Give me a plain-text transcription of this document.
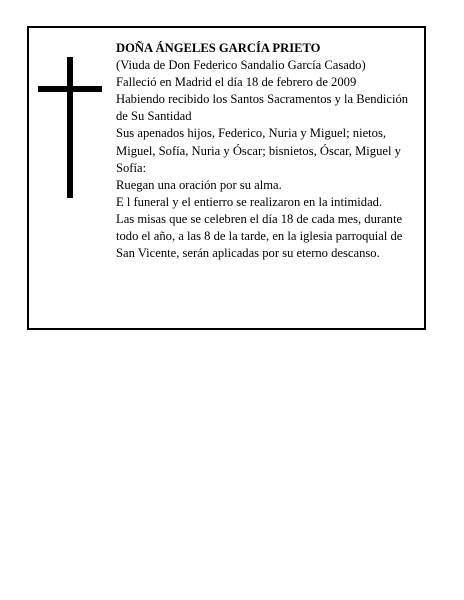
DOÑA ÁNGELES GARCÍA PRIETO

(Viuda de Don Federico Sandalio García Casado)

Falleció en Madrid el día 18 de febrero de 2009

Habiendo recibido los Santos Sacramentos y la Bendición de Su Santidad

Sus apenados hijos, Federico, Nuria y Miguel; nietos, Miguel, Sofía, Nuria y Óscar; bisnietos, Óscar, Miguel y Sofía:

Ruegan una oración por su alma.

E l funeral y el entierro se realizaron en la intimidad.

Las misas que se celebren el día 18 de cada mes, durante todo el año, a las 8 de la tarde, en la iglesia parroquial de San Vicente, serán aplicadas por su eterno descanso.
